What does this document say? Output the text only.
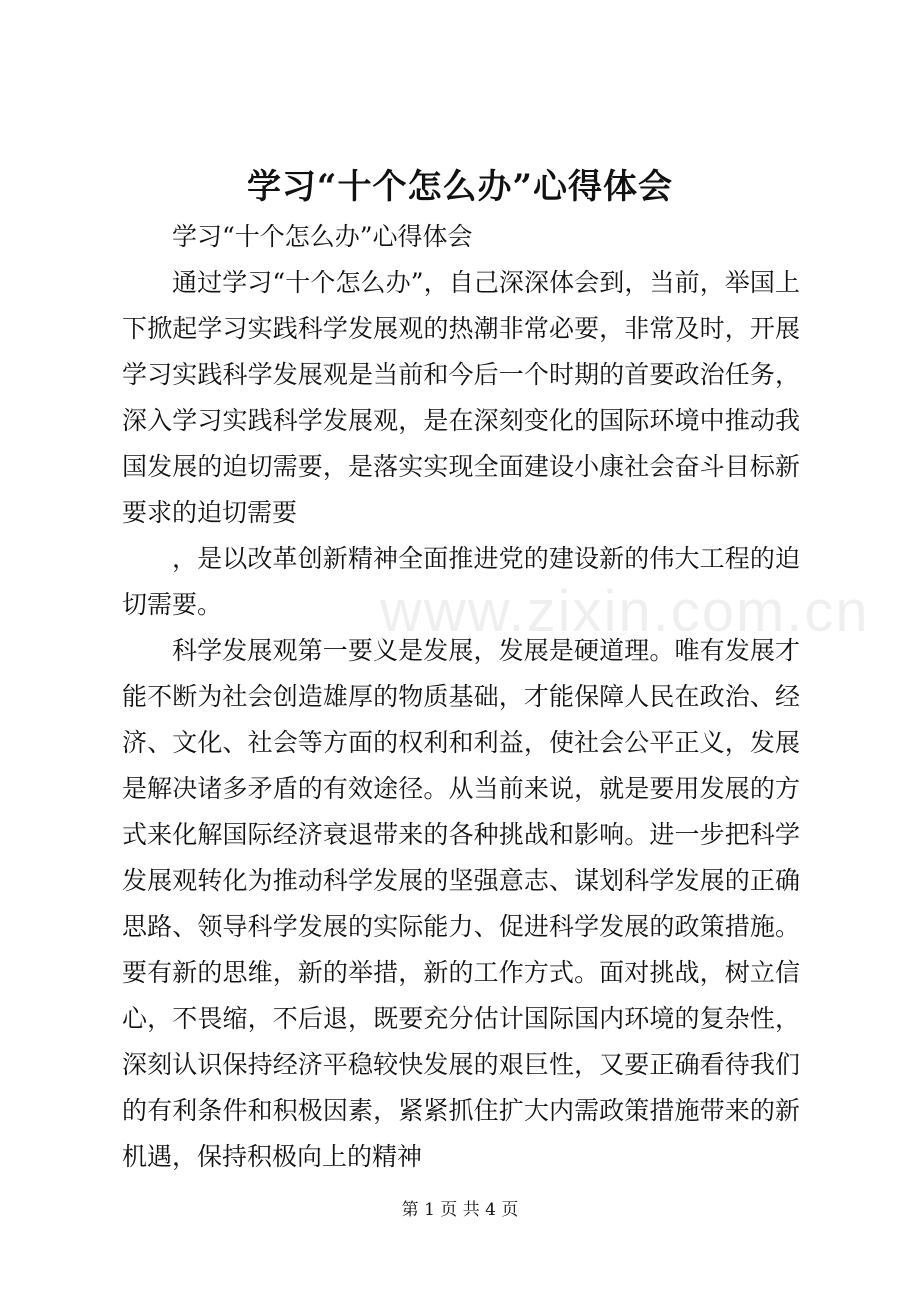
学习“十个怎么办”心得体会

学习“十个怎么办”心得体会

通过学习“十个怎么办”，自己深深体会到，当前，举国上下掀起学习实践科学发展观的热潮非常必要，非常及时，开展学习实践科学发展观是当前和今后一个时期的首要政治任务，深入学习实践科学发展观，是在深刻变化的国际环境中推动我国发展的迫切需要，是落实实现全面建设小康社会奋斗目标新要求的迫切需要

，是以改革创新精神全面推进党的建设新的伟大工程的迫切需要。

科学发展观第一要义是发展，发展是硬道理。唯有发展才能不断为社会创造雄厚的物质基础，才能保障人民在政治、经济、文化、社会等方面的权利和利益，使社会公平正义，发展是解决诸多矛盾的有效途径。从当前来说，就是要用发展的方式来化解国际经济衰退带来的各种挑战和影响。进一步把科学发展观转化为推动科学发展的坚强意志、谋划科学发展的正确思路、领导科学发展的实际能力、促进科学发展的政策措施。要有新的思维，新的举措，新的工作方式。面对挑战，树立信心，不畏缩，不后退，既要充分估计国际国内环境的复杂性，深刻认识保持经济平稳较快发展的艰巨性，又要正确看待我们的有利条件和积极因素，紧紧抓住扩大内需政策措施带来的新机遇，保持积极向上的精神

www.zixin.com.cn
第 1 页 共 4 页
